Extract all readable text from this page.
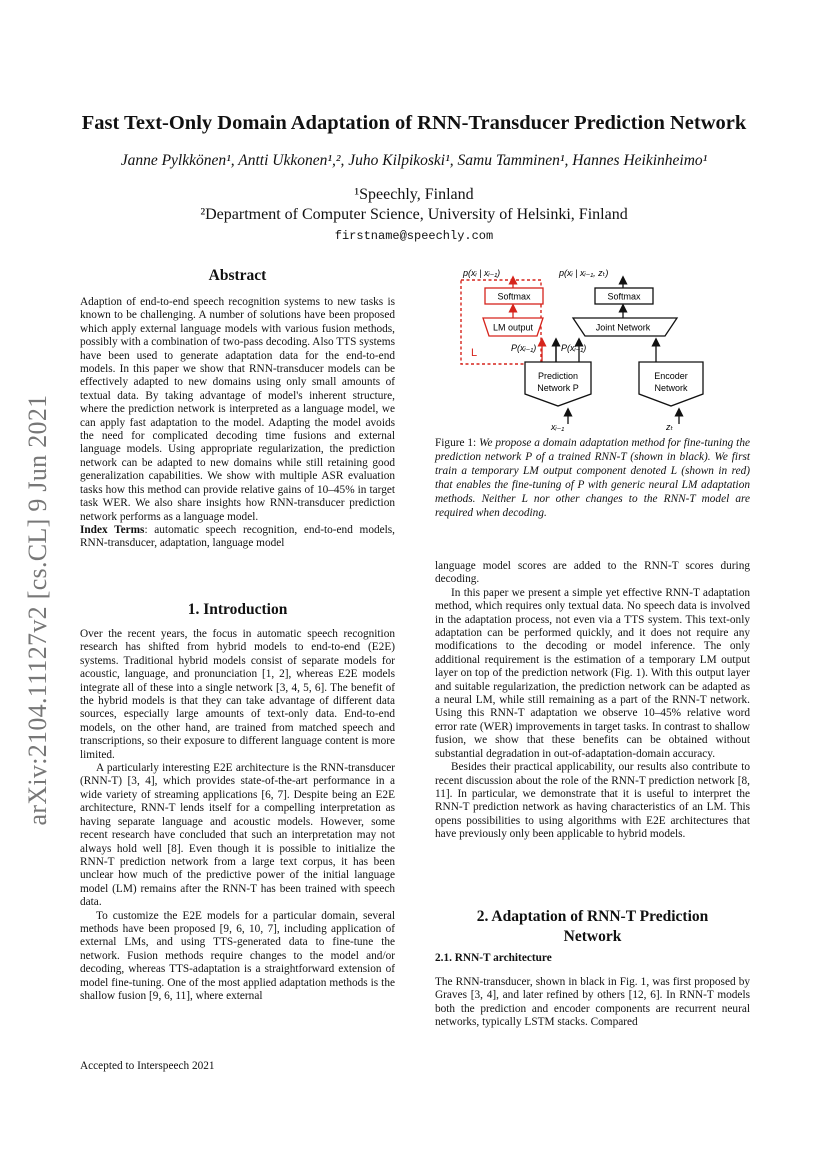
arXiv:2104.11127v2 [cs.CL] 9 Jun 2021
Fast Text-Only Domain Adaptation of RNN-Transducer Prediction Network
Janne Pylkkönen¹, Antti Ukkonen¹,², Juho Kilpikoski¹, Samu Tamminen¹, Hannes Heikinheimo¹
¹Speechly, Finland
²Department of Computer Science, University of Helsinki, Finland
firstname@speechly.com
Abstract

Adaption of end-to-end speech recognition systems to new tasks is known to be challenging. A number of solutions have been proposed which apply external language models with various fusion methods, possibly with a combination of two-pass decoding. Also TTS systems have been used to generate adaptation data for the end-to-end models. In this paper we show that RNN-transducer models can be effectively adapted to new domains using only small amounts of textual data. By taking advantage of model's inherent structure, where the prediction network is interpreted as a language model, we can apply fast adaptation to the model. Adapting the model avoids the need for complicated decoding time fusions and external language models. Using appropriate regularization, the prediction network can be adapted to new domains while still retaining good generalization capabilities. We show with multiple ASR evaluation tasks how this method can provide relative gains of 10–45% in target task WER. We also share insights how RNN-transducer prediction network performs as a language model.

Index Terms: automatic speech recognition, end-to-end models, RNN-transducer, adaptation, language model

1. Introduction

Over the recent years, the focus in automatic speech recognition research has shifted from hybrid models to end-to-end (E2E) systems. Traditional hybrid models consist of separate models for acoustic, language, and pronunciation [1, 2], whereas E2E models integrate all of these into a single network [3, 4, 5, 6]. The benefit of the hybrid models is that they can take advantage of different data sources, especially large amounts of text-only data. End-to-end models, on the other hand, are trained from matched speech and transcriptions, so their exposure to different language content is more limited.

A particularly interesting E2E architecture is the RNN-transducer (RNN-T) [3, 4], which provides state-of-the-art performance in a wide variety of streaming applications [6, 7]. Despite being an E2E architecture, RNN-T lends itself for a compelling interpretation as having separate language and acoustic models. However, some recent research have concluded that such an interpretation may not always hold well [8]. Even though it is possible to initialize the RNN-T prediction network from a large text corpus, it has been unclear how much of the predictive power of the initial language model (LM) remains after the RNN-T has been trained with speech data.

To customize the E2E models for a particular domain, several methods have been proposed [9, 6, 10, 7], including application of external LMs, and using TTS-generated data to fine-tune the network. Fusion methods require changes to the model and/or decoding, whereas TTS-adaptation is a straightforward extension of model fine-tuning. One of the most applied adaptation methods is the shallow fusion [9, 6, 11], where external

p(xᵢ | xᵢ₋₁)	p(xᵢ | xᵢ₋₁, zₜ)
Softmax	Softmax
LM output	Joint Network
L	P(xᵢ₋₁)	P(xᵢ₋₁)
Prediction
Network P
Encoder
Network
xᵢ₋₁	zₜ
Figure 1: We propose a domain adaptation method for fine-tuning the prediction network P of a trained RNN-T (shown in black). We first train a temporary LM output component denoted L (shown in red) that enables the fine-tuning of P with generic neural LM adaptation methods. Neither L nor other changes to the RNN-T model are required when decoding.

language model scores are added to the RNN-T scores during decoding.

In this paper we present a simple yet effective RNN-T adaptation method, which requires only textual data. No speech data is involved in the adaptation process, not even via a TTS system. This text-only adaptation can be performed quickly, and it does not require any modifications to the decoding or model inference. The only additional requirement is the estimation of a temporary LM output layer on top of the prediction network (Fig. 1). With this output layer and suitable regularization, the prediction network can be adapted as a neural LM, while still remaining as a part of the RNN-T network. Using this RNN-T adaptation we observe 10–45% relative word error rate (WER) improvements in target tasks. In contrast to shallow fusion, we show that these benefits can be obtained without substantial degradation in out-of-adaptation-domain accuracy.

Besides their practical applicability, our results also contribute to recent discussion about the role of the RNN-T prediction network [8, 11]. In particular, we demonstrate that it is useful to interpret the RNN-T prediction network as having characteristics of an LM. This opens possibilities to using algorithms with E2E architectures that have previously only been applicable to hybrid models.

2. Adaptation of RNN-T Prediction
Network
2.1. RNN-T architecture

The RNN-transducer, shown in black in Fig. 1, was first proposed by Graves [3, 4], and later refined by others [12, 6]. In RNN-T models both the prediction and encoder components are recurrent neural networks, typically LSTM stacks. Compared

Accepted to Interspeech 2021
